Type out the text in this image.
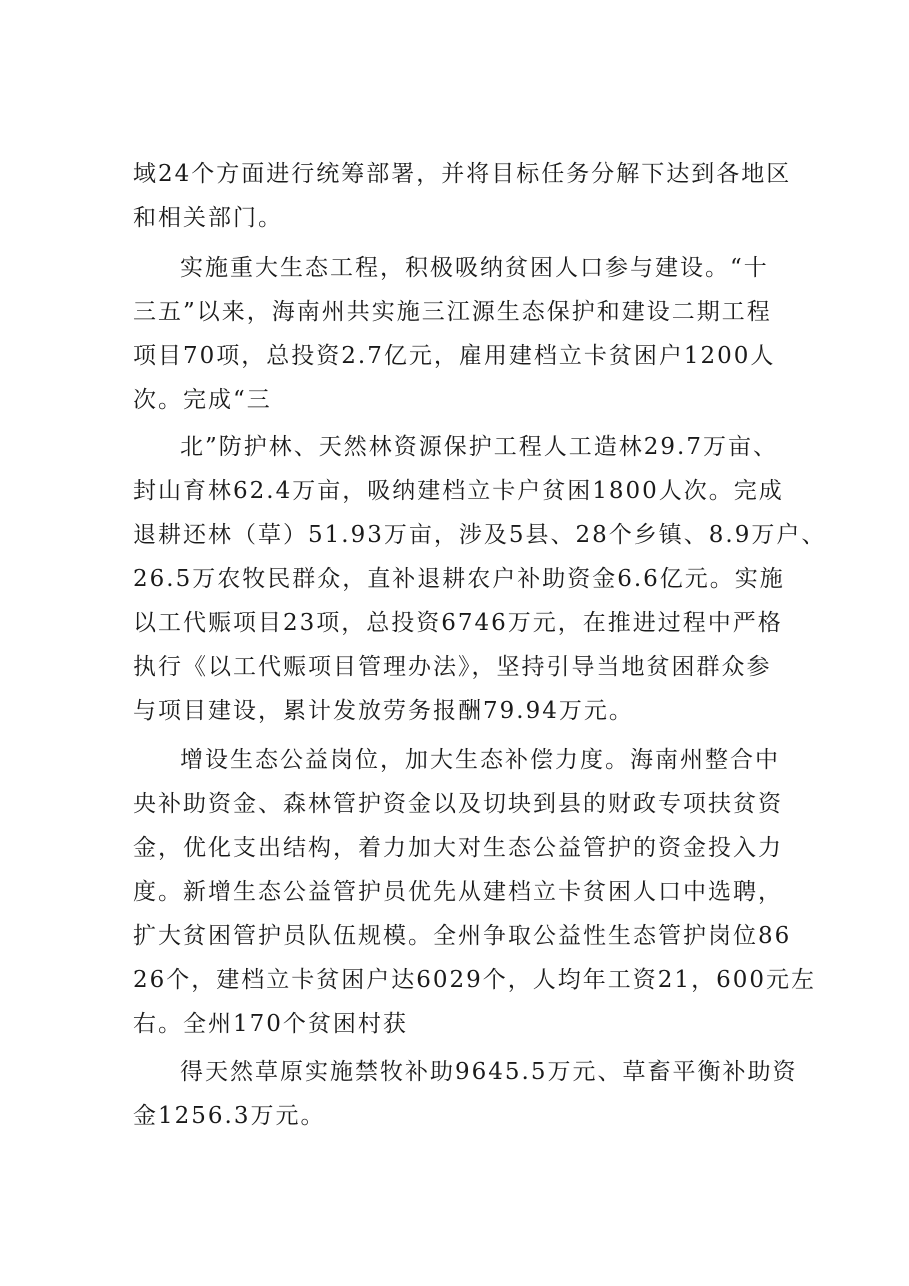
域24个方面进行统筹部署，并将目标任务分解下达到各地区
和相关部门。
实施重大生态工程，积极吸纳贫困人口参与建设。“十
三五”以来，海南州共实施三江源生态保护和建设二期工程
项目70项，总投资2.7亿元，雇用建档立卡贫困户1200人
次。完成“三
北”防护林、天然林资源保护工程人工造林29.7万亩、
封山育林62.4万亩，吸纳建档立卡户贫困1800人次。完成
退耕还林（草）51.93万亩，涉及5县、28个乡镇、8.9万户、
26.5万农牧民群众，直补退耕农户补助资金6.6亿元。实施
以工代赈项目23项，总投资6746万元，在推进过程中严格
执行《以工代赈项目管理办法》，坚持引导当地贫困群众参
与项目建设，累计发放劳务报酬79.94万元。
增设生态公益岗位，加大生态补偿力度。海南州整合中
央补助资金、森林管护资金以及切块到县的财政专项扶贫资
金，优化支出结构，着力加大对生态公益管护的资金投入力
度。新增生态公益管护员优先从建档立卡贫困人口中选聘，
扩大贫困管护员队伍规模。全州争取公益性生态管护岗位86
26个，建档立卡贫困户达6029个，人均年工资21，600元左
右。全州170个贫困村获
得天然草原实施禁牧补助9645.5万元、草畜平衡补助资
金1256.3万元。
